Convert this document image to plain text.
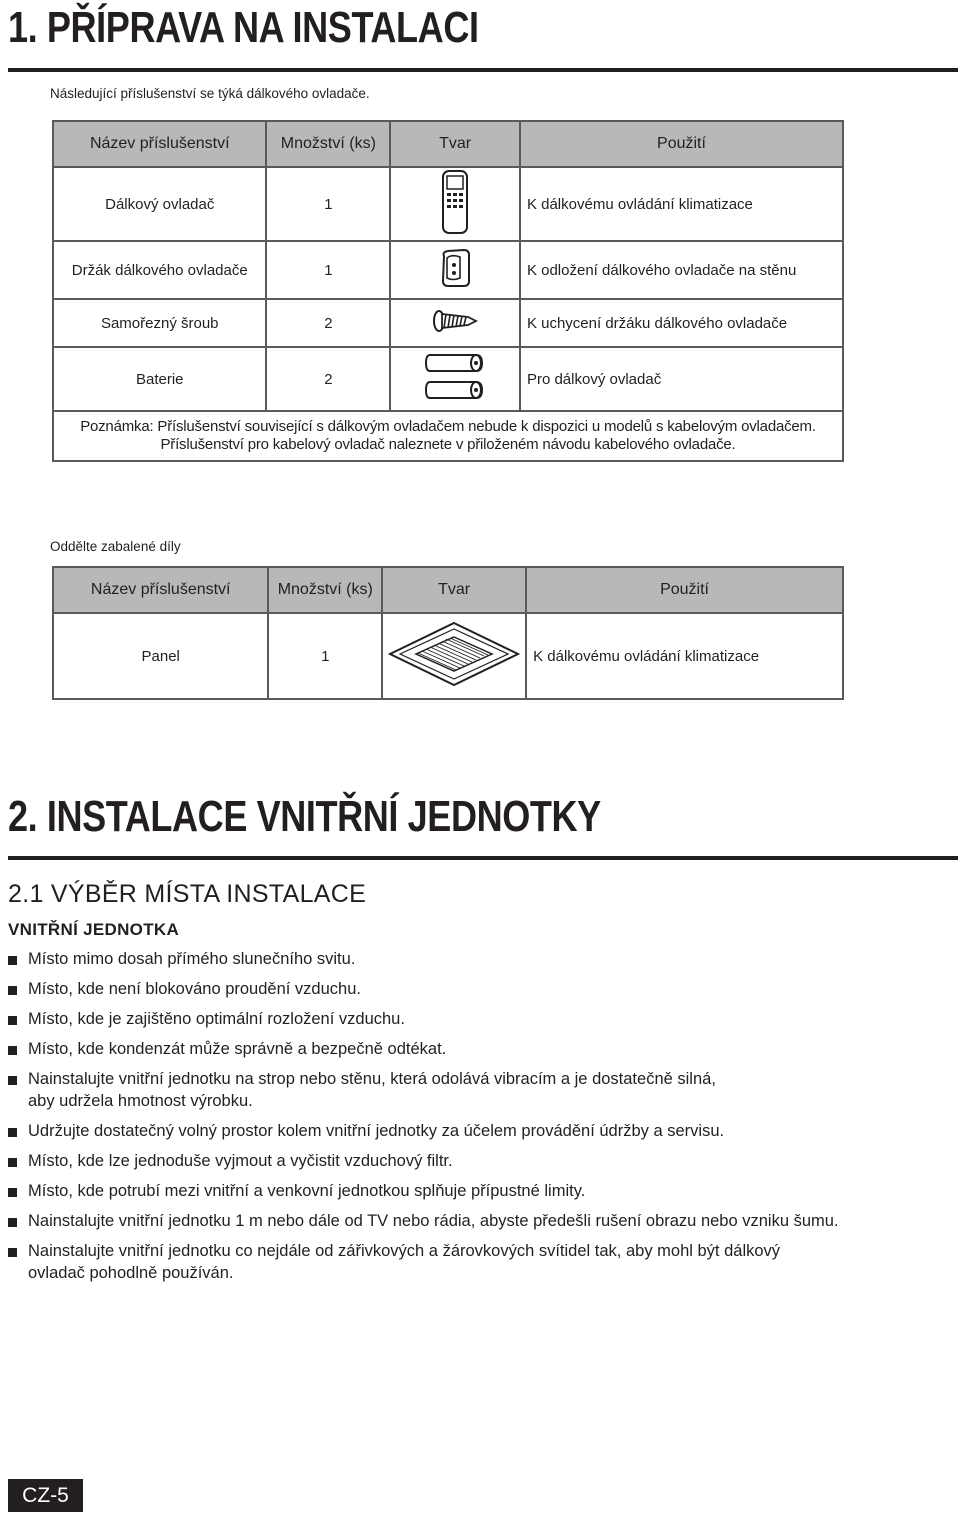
1. PŘÍPRAVA NA INSTALACI
Následující příslušenství se týká dálkového ovladače.
Název příslušenství	Množství (ks)	Tvar	Použití
Dálkový ovladač	1		K dálkovému ovládání klimatizace
Držák dálkového ovladače	1		K odložení dálkového ovladače na stěnu
Samořezný šroub	2		K uchycení držáku dálkového ovladače
Baterie	2		Pro dálkový ovladač

Poznámka: Příslušenství související s dálkovým ovladačem nebude k dispozici u modelů s kabelovým ovladačem.
Příslušenství pro kabelový ovladač naleznete v přiloženém návodu kabelového ovladače.			
Oddělte zabalené díly
Název příslušenství	Množství (ks)	Tvar	Použití
Panel	1		K dálkovému ovládání klimatizace
2. INSTALACE VNITŘNÍ JEDNOTKY
2.1 VÝBĚR MÍSTA INSTALACE
VNITŘNÍ JEDNOTKA
Místo mimo dosah přímého slunečního svitu.
Místo, kde není blokováno proudění vzduchu.
Místo, kde je zajištěno optimální rozložení vzduchu.
Místo, kde kondenzát může správně a bezpečně odtékat.
Nainstalujte vnitřní jednotku na strop nebo stěnu, která odolává vibracím a je dostatečně silná,
aby udržela hmotnost výrobku.
Udržujte dostatečný volný prostor kolem vnitřní jednotky za účelem provádění údržby a servisu.
Místo, kde lze jednoduše vyjmout a vyčistit vzduchový filtr.
Místo, kde potrubí mezi vnitřní a venkovní jednotkou splňuje přípustné limity.
Nainstalujte vnitřní jednotku 1 m nebo dále od TV nebo rádia, abyste předešli rušení obrazu nebo vzniku šumu.
Nainstalujte vnitřní jednotku co nejdále od zářivkových a žárovkových svítidel tak, aby mohl být dálkový
ovladač pohodlně používán.
CZ-5
